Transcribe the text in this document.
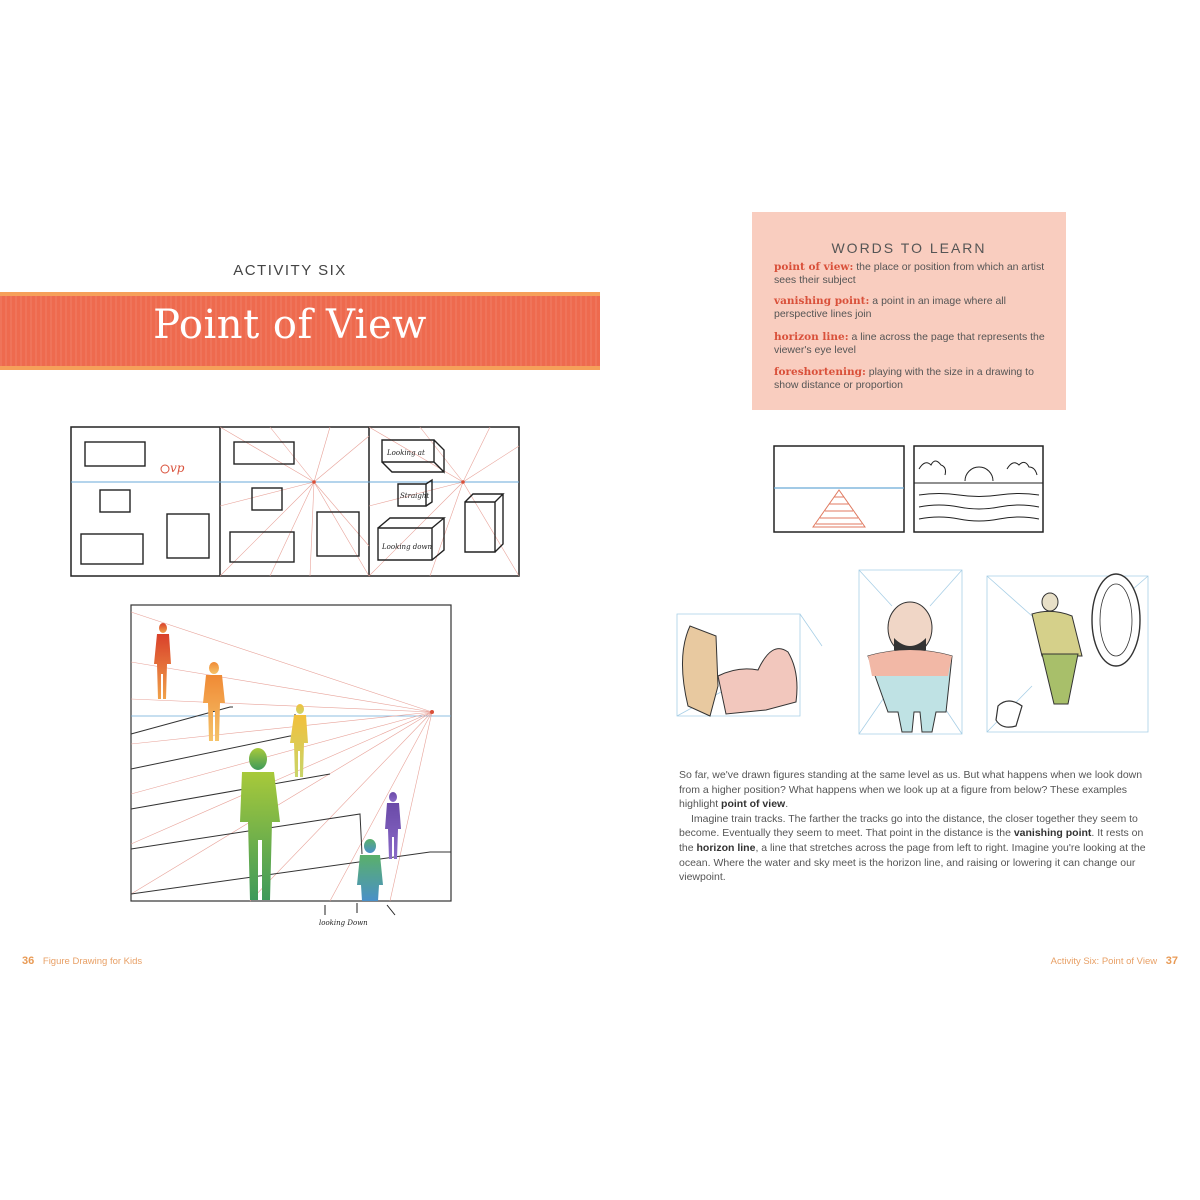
ACTIVITY SIX
Point of View
vp
Looking at
Straight
Looking down
looking Down
36 Figure Drawing for Kids
WORDS TO LEARN
point of view: the place or position from which an artist sees their subject
vanishing point: a point in an image where all perspective lines join
horizon line: a line across the page that represents the viewer's eye level
foreshortening: playing with the size in a drawing to show distance or proportion

So far, we've drawn figures standing at the same level as us. But what happens when we look down from a higher position? What happens when we look up at a figure from below? These examples highlight point of view.

Imagine train tracks. The farther the tracks go into the distance, the closer together they seem to become. Eventually they seem to meet. That point in the distance is the vanishing point. It rests on the horizon line, a line that stretches across the page from left to right. Imagine you're looking at the ocean. Where the water and sky meet is the horizon line, and raising or lowering it can change our viewpoint.

Activity Six: Point of View 37
